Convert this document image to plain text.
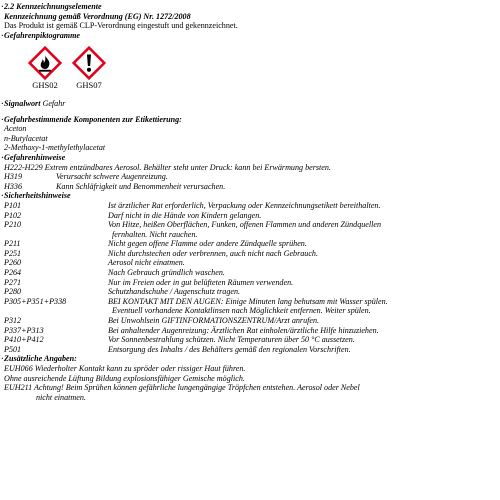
· 2.2 Kennzeichnungselemente
Kennzeichnung gemäß Verordnung (EG) Nr. 1272/2008
Das Produkt ist gemäß CLP-Verordnung eingestuft und gekennzeichnet.
· Gefahrenpiktogramme
GHS02 GHS07
· Signalwort Gefahr
· Gefahrbestimmende Komponenten zur Etikettierung:
Aceton
n-Butylacetat
2-Methoxy-1-methylethylacetat
· Gefahrenhinweise
H222-H229 Extrem entzündbares Aerosol. Behälter steht unter Druck: kann bei Erwärmung bersten.
H319	Verursacht schwere Augenreizung.
H336	Kann Schläfrigkeit und Benommenheit verursachen.
· Sicherheitshinweise
P101	Ist ärztlicher Rat erforderlich, Verpackung oder Kennzeichnungsetikett bereithalten.
P102	Darf nicht in die Hände von Kindern gelangen.
P210	Von Hitze, heißen Oberflächen, Funken, offenen Flammen und anderen Zündquellen
fernhalten. Nicht rauchen.
P211	Nicht gegen offene Flamme oder andere Zündquelle sprühen.
P251	Nicht durchstechen oder verbrennen, auch nicht nach Gebrauch.
P260	Aerosol nicht einatmen.
P264	Nach Gebrauch gründlich waschen.
P271	Nur im Freien oder in gut belüfteten Räumen verwenden.
P280	Schutzhandschuhe / Augenschutz tragen.
P305+P351+P338	BEI KONTAKT MIT DEN AUGEN: Einige Minuten lang behutsam mit Wasser spülen.
Eventuell vorhandene Kontaktlinsen nach Möglichkeit entfernen. Weiter spülen.
P312	Bei Unwohlsein GIFTINFORMATIONSZENTRUM/Arzt anrufen.
P337+P313	Bei anhaltender Augenreizung: Ärztlichen Rat einholen/ärztliche Hilfe hinzuziehen.
P410+P412	Vor Sonnenbestrahlung schützen. Nicht Temperaturen über 50 °C aussetzen.
P501	Entsorgung des Inhalts / des Behälters gemäß den regionalen Vorschriften.
· Zusätzliche Angaben:
EUH066 Wiederholter Kontakt kann zu spröder oder rissiger Haut führen.
Ohne ausreichende Lüftung Bildung explosionsfähiger Gemische möglich.
EUH211 Achtung! Beim Sprühen können gefährliche lungengängige Tröpfchen entstehen. Aerosol oder Nebel
nicht einatmen.
